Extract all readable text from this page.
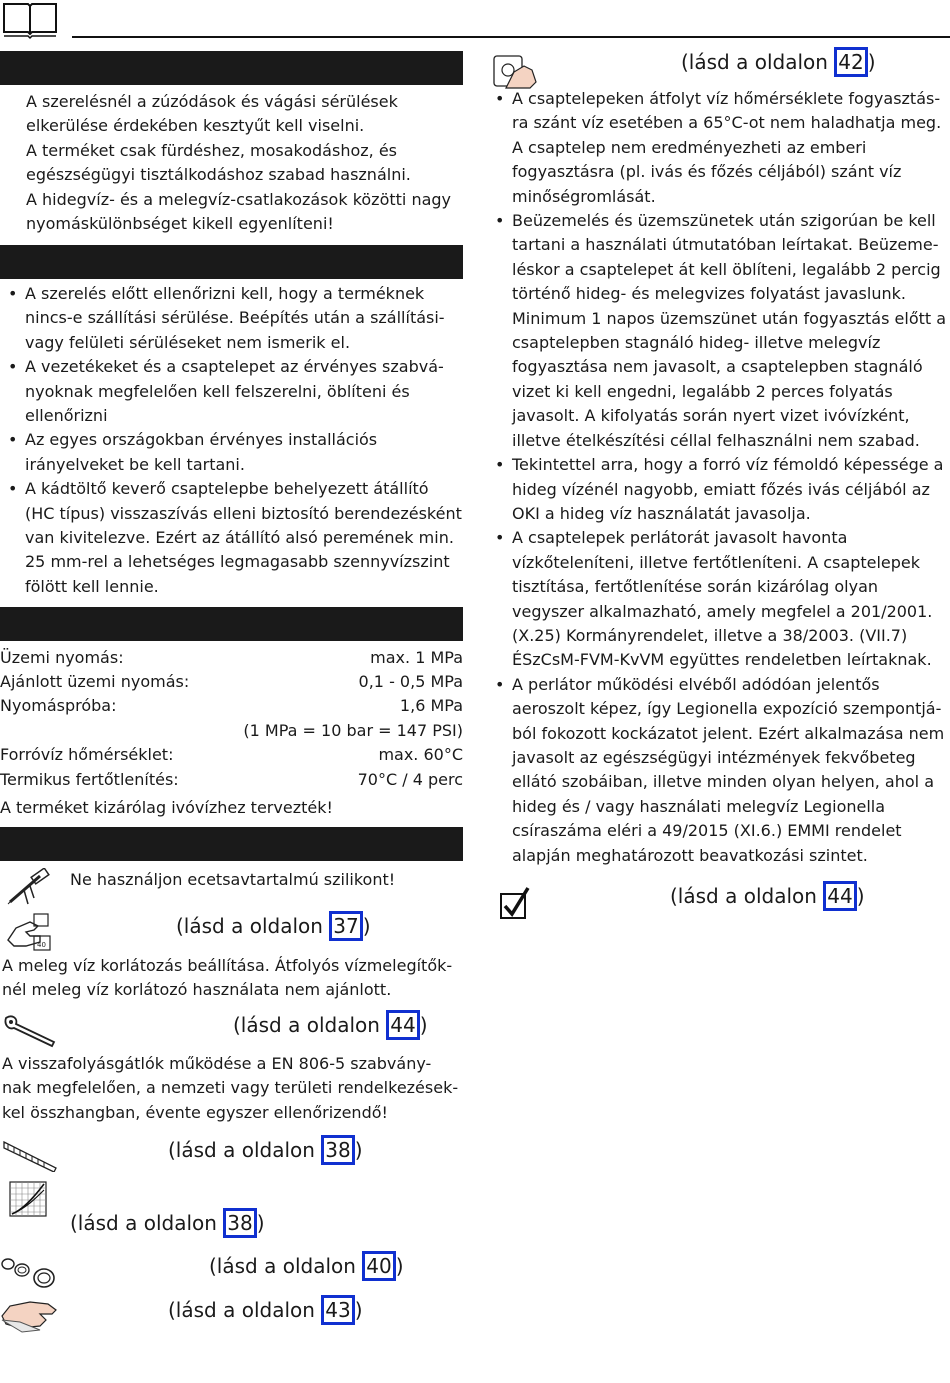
A szerelésnél a zúzódások és vágási sérülések
elkerülése érdekében kesztyűt kell viselni.
A terméket csak fürdéshez, mosakodáshoz, és
egészségügyi tisztálkodáshoz szabad használni.
A hidegvíz- és a melegvíz-csatlakozások közötti nagy
nyomáskülönbséget kikell egyenlíteni!
• A szerelés előtt ellenőrizni kell, hogy a terméknek nincs-e szállítási sérülése. Beépítés után a szállítási-vagy felületi sérüléseket nem ismerik el.
• A vezetékeket és a csaptelepet az érvényes szabvá-nyoknak megfelelően kell felszerelni, öblíteni és ellenőrizni
• Az egyes országokban érvényes installációs irányelveket be kell tartani.
• A kádtöltő keverő csaptelepbe behelyezett átállító (HC típus) visszaszívás elleni biztosító berendezésként van kivitelezve. Ezért az átállító alsó peremének min. 25 mm-rel a lehetséges legmagasabb szennyvízszint fölött kell lennie.
Üzemi nyomás:	max. 1 MPa
Ajánlott üzemi nyomás:	0,1 - 0,5 MPa
Nyomáspróba:	1,6 MPa
(1 MPa = 10 bar = 147 PSI)
Forróvíz hőmérséklet:	max. 60°C
Termikus fertőtlenítés:	70°C / 4 perc
A terméket kizárólag ivóvízhez tervezték!
Ne használjon ecetsavtartalmú szilikont!
40
(lásd a oldalon 37 )
A meleg víz korlátozás beállítása. Átfolyós vízmelegítők-
nél meleg víz korlátozó használata nem ajánlott.
(lásd a oldalon 44 )
A visszafolyásgátlók működése a EN 806-5 szabvány-
nak megfelelően, a nemzeti vagy területi rendelkezések-
kel összhangban, évente egyszer ellenőrizendő!
(lásd a oldalon 38 )
(lásd a oldalon 38 )
(lásd a oldalon 40 )
(lásd a oldalon 43 )
(lásd a oldalon 42 )
• A csaptelepeken átfolyt víz hőmérséklete fogyasztás-ra szánt víz esetében a 65°C-ot nem haladhatja meg. A csaptelep nem eredményezheti az emberi fogyasztásra (pl. ivás és főzés céljából) szánt víz minőségromlását.
• Beüzemelés és üzemszünetek után szigorúan be kell tartani a használati útmutatóban leírtakat. Beüzeme-léskor a csaptelepet át kell öblíteni, legalább 2 percig történő hideg- és melegvizes folyatást javaslunk. Minimum 1 napos üzemszünet után fogyasztás előtt a csaptelepben stagnáló hideg- illetve melegvíz fogyasztása nem javasolt, a csaptelepben stagnáló vizet ki kell engedni, legalább 2 perces folyatás javasolt. A kifolyatás során nyert vizet ivóvízként, illetve ételkészítési céllal felhasználni nem szabad.
• Tekintettel arra, hogy a forró víz fémoldó képessége a hideg vízénél nagyobb, emiatt főzés ivás céljából az OKI a hideg víz használatát javasolja.
• A csaptelepek perlátorát javasolt havonta vízkőteleníteni, illetve fertőtleníteni. A csaptelepek tisztítása, fertőtlenítése során kizárólag olyan vegyszer alkalmazható, amely megfelel a 201/2001. (X.25) Kormányrendelet, illetve a 38/2003. (VII.7) ÉSzCsM-FVM-KvVM együttes rendeletben leírtaknak.
• A perlátor működési elvéből adódóan jelentős aeroszolt képez, így Legionella expozíció szempontjá-ból fokozott kockázatot jelent. Ezért alkalmazása nem javasolt az egészségügyi intézmények fekvőbeteg ellátó szobáiban, illetve minden olyan helyen, ahol a hideg és / vagy használati melegvíz Legionella csíraszáma eléri a 49/2015 (XI.6.) EMMI rendelet alapján meghatározott beavatkozási szintet.
(lásd a oldalon 44 )
